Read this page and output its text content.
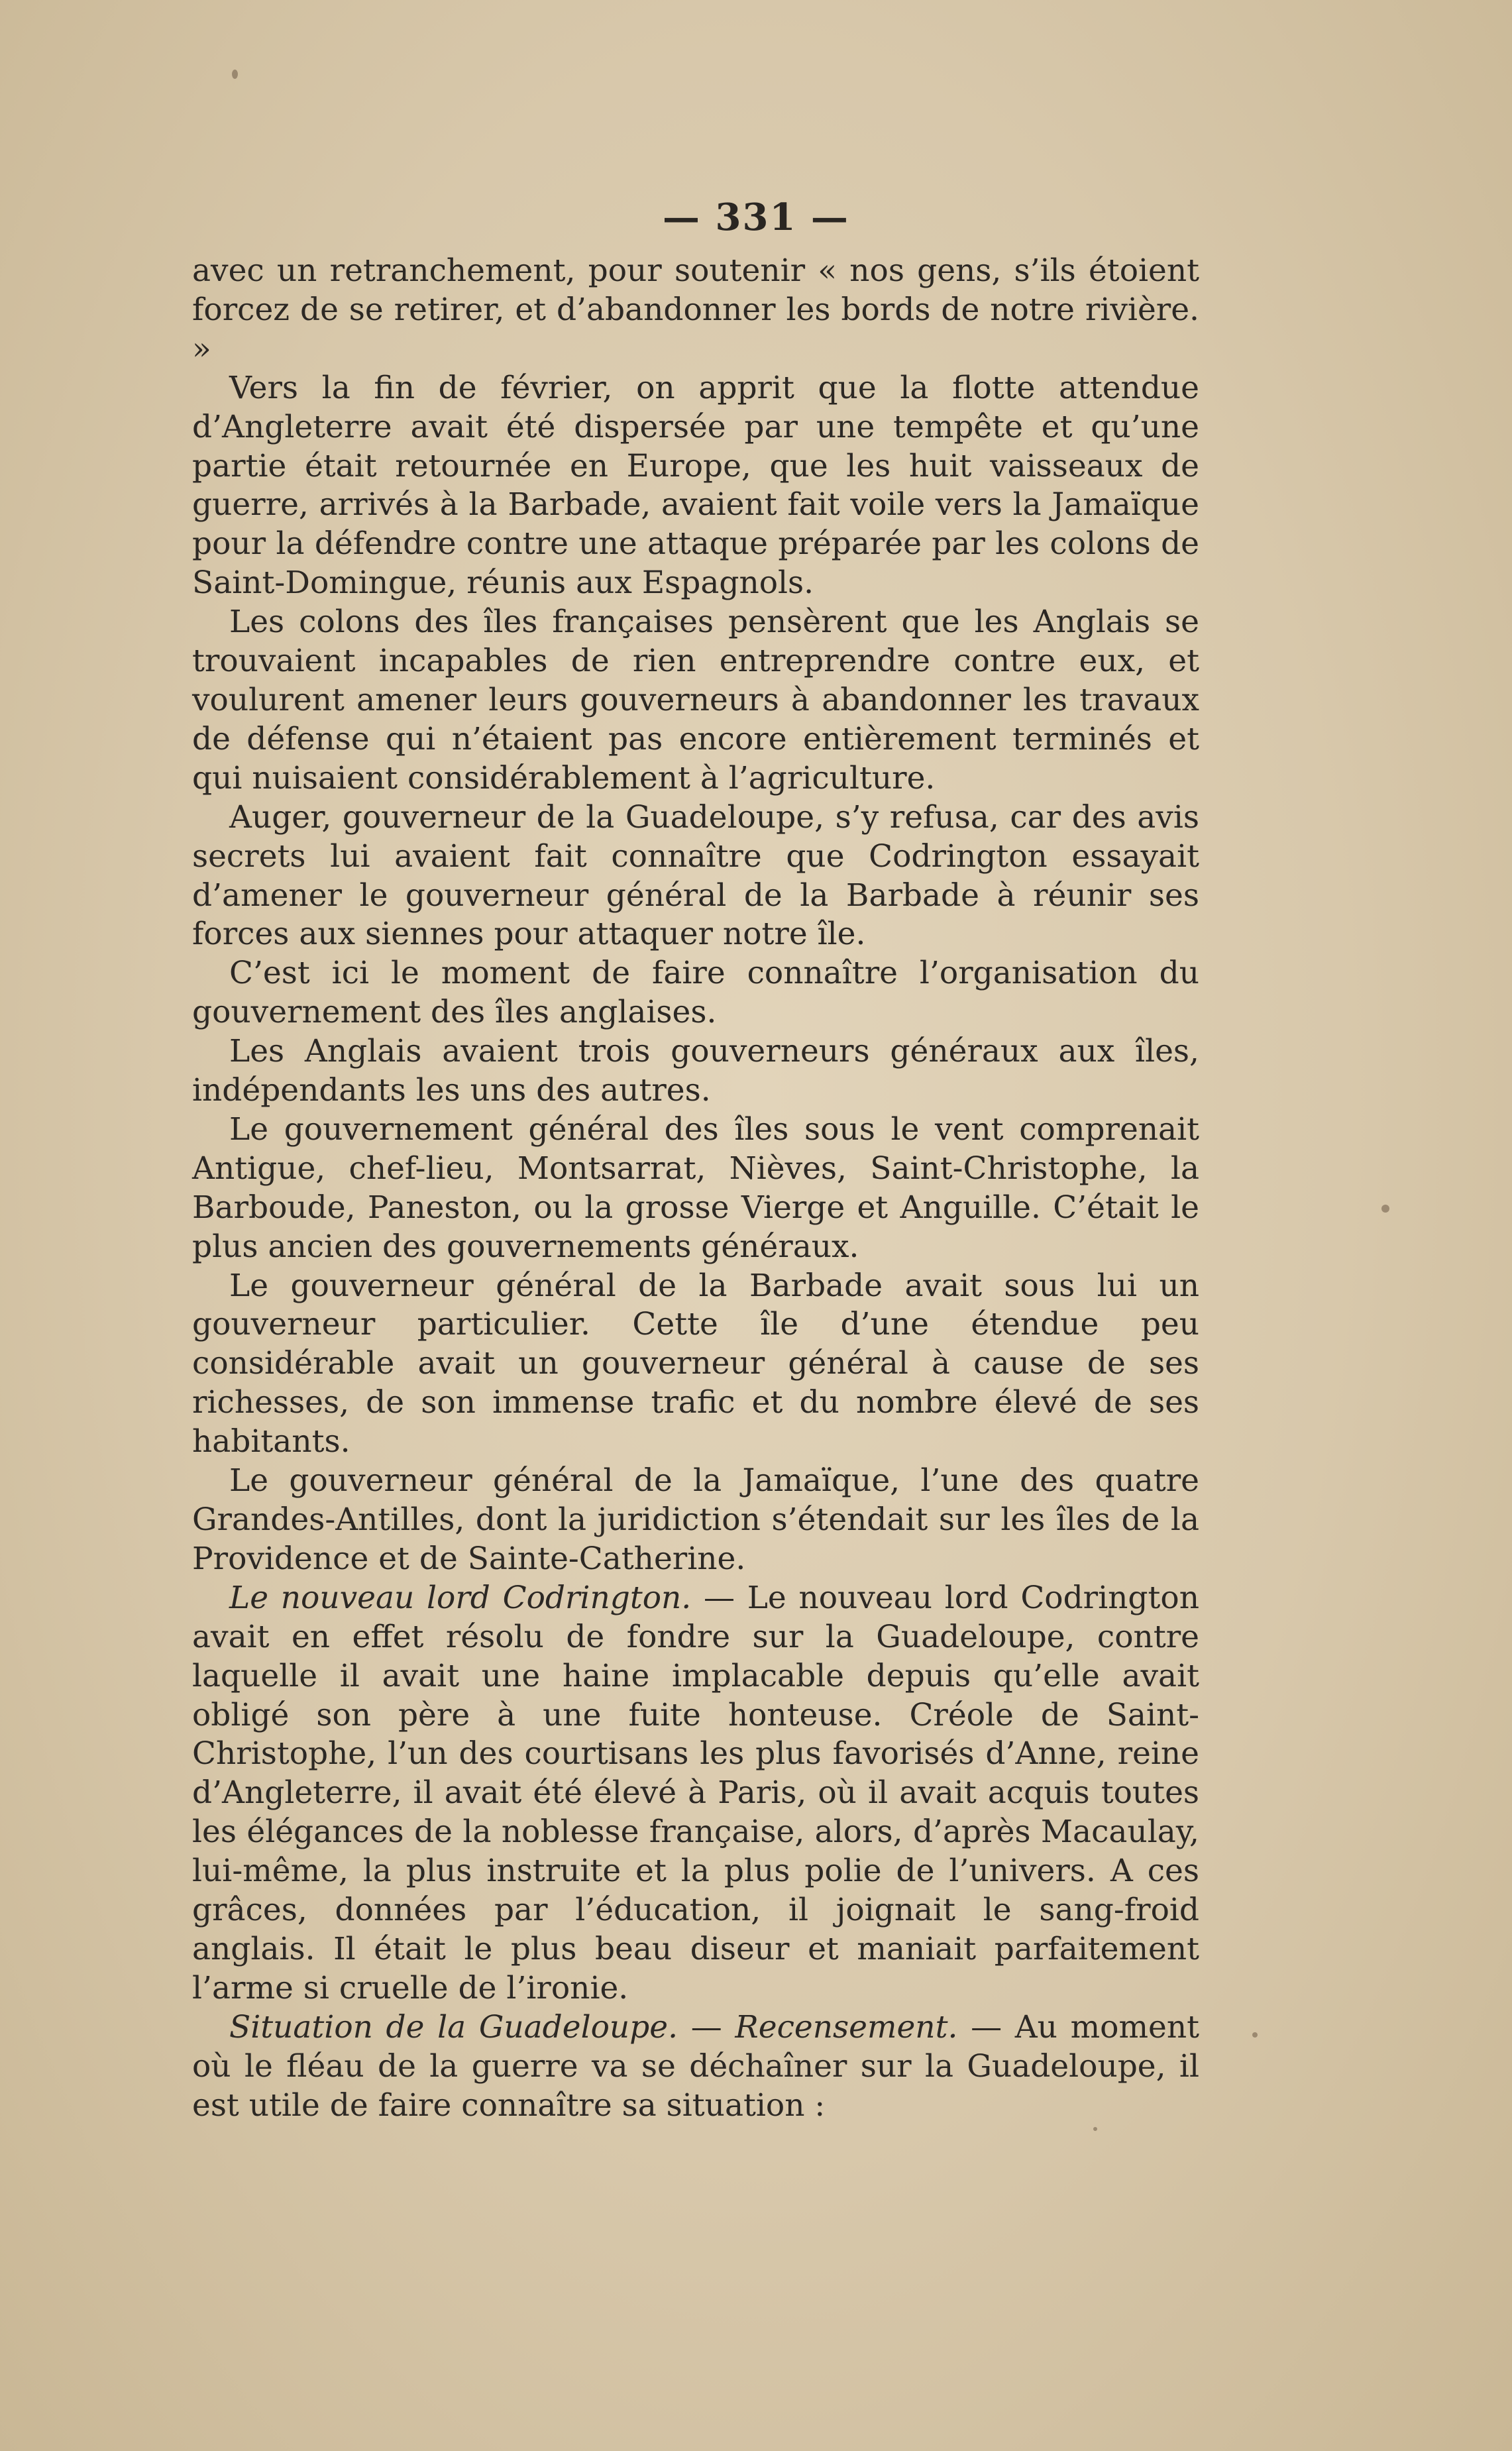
— 331 —

avec un retranchement, pour soutenir « nos gens, s’ils étoient forcez de se retirer, et d’abandonner les bords de notre rivière. »

Vers la fin de février, on apprit que la flotte attendue d’Angleterre avait été dispersée par une tempête et qu’une partie était retournée en Europe, que les huit vaisseaux de guerre, arrivés à la Barbade, avaient fait voile vers la Jamaïque pour la défendre contre une attaque préparée par les colons de Saint-Domingue, réunis aux Espagnols.

Les colons des îles françaises pensèrent que les Anglais se trouvaient incapables de rien entreprendre contre eux, et voulurent amener leurs gouverneurs à abandonner les travaux de défense qui n’étaient pas encore entièrement terminés et qui nuisaient considérablement à l’agriculture.

Auger, gouverneur de la Guadeloupe, s’y refusa, car des avis secrets lui avaient fait connaître que Codrington essayait d’amener le gouverneur général de la Barbade à réunir ses forces aux siennes pour attaquer notre île.

C’est ici le moment de faire connaître l’organisation du gouvernement des îles anglaises.

Les Anglais avaient trois gouverneurs généraux aux îles, indépendants les uns des autres.

Le gouvernement général des îles sous le vent comprenait Antigue, chef-lieu, Montsarrat, Nièves, Saint-Christophe, la Barboude, Paneston, ou la grosse Vierge et Anguille. C’était le plus ancien des gouvernements généraux.

Le gouverneur général de la Barbade avait sous lui un gouverneur particulier. Cette île d’une étendue peu considérable avait un gouverneur général à cause de ses richesses, de son immense trafic et du nombre élevé de ses habitants.

Le gouverneur général de la Jamaïque, l’une des quatre Grandes-Antilles, dont la juridiction s’étendait sur les îles de la Providence et de Sainte-Catherine.

Le nouveau lord Codrington. — Le nouveau lord Codrington avait en effet résolu de fondre sur la Guadeloupe, contre laquelle il avait une haine implacable depuis qu’elle avait obligé son père à une fuite honteuse. Créole de Saint-Christophe, l’un des courtisans les plus favorisés d’Anne, reine d’Angleterre, il avait été élevé à Paris, où il avait acquis toutes les élégances de la noblesse française, alors, d’après Macaulay, lui-même, la plus instruite et la plus polie de l’univers. A ces grâces, données par l’éducation, il joignait le sang-froid anglais. Il était le plus beau diseur et maniait parfaitement l’arme si cruelle de l’ironie.

Situation de la Guadeloupe. — Recensement. — Au moment où le fléau de la guerre va se déchaîner sur la Guadeloupe, il est utile de faire connaître sa situation :
